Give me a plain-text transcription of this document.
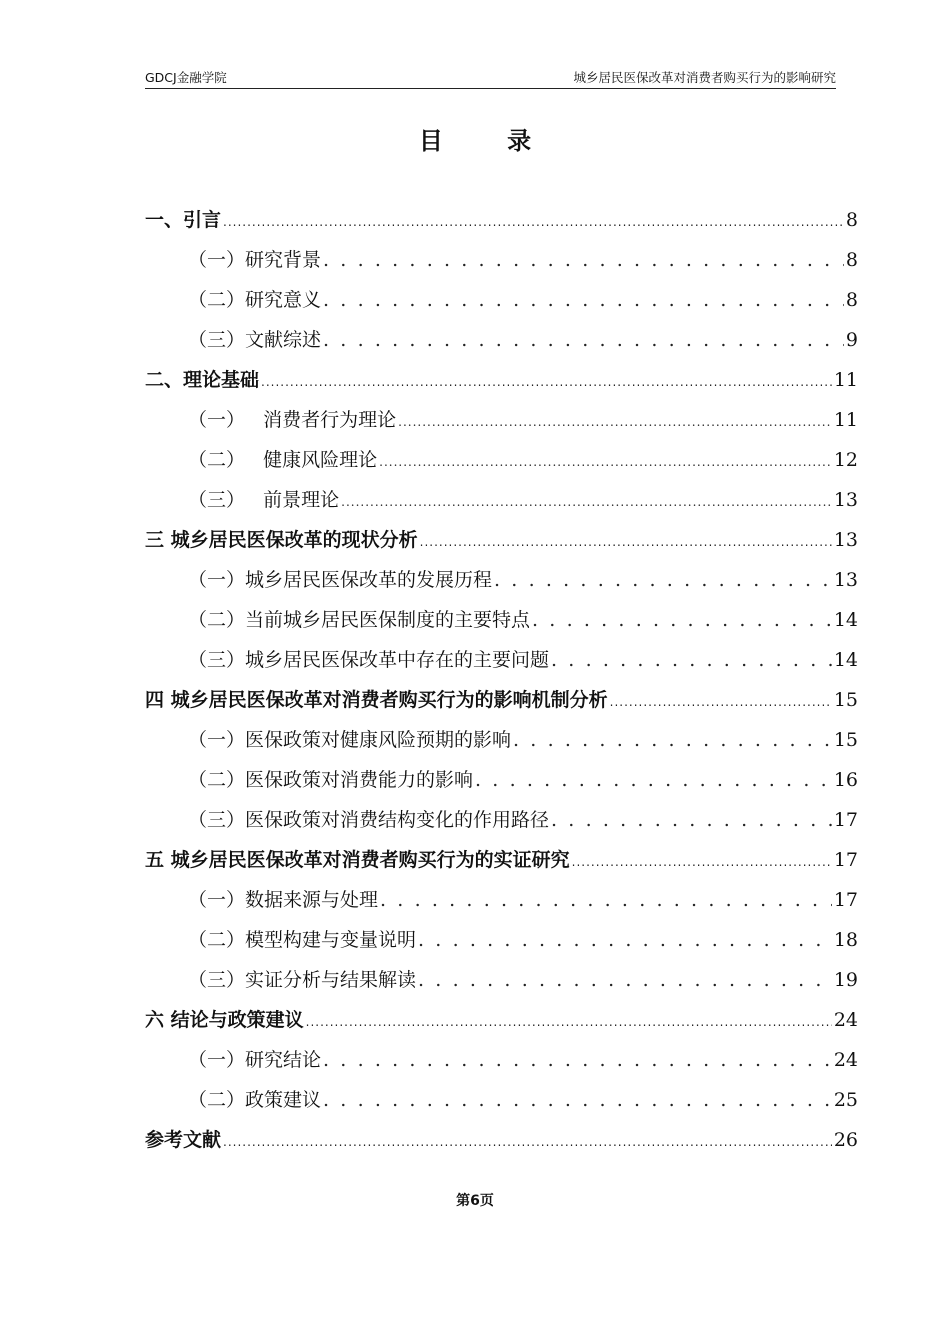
GDCJ金融学院	城乡居民医保改革对消费者购买行为的影响研究
目 录
一、引言 .....	8
（一）研究背景 . . .	8
（二）研究意义 . . .	8
（三）文献综述 . . .	9
二、理论基础 .....	11
（一）   消费者行为理论 .....	11
（二）   健康风险理论 .....	12
（三）   前景理论 .....	13
三 城乡居民医保改革的现状分析 .....	13
（一）城乡居民医保改革的发展历程 . . .	13
（二）当前城乡居民医保制度的主要特点 . . .	14
（三）城乡居民医保改革中存在的主要问题 . . .	14
四 城乡居民医保改革对消费者购买行为的影响机制分析 .....	15
（一）医保政策对健康风险预期的影响 . . .	15
（二）医保政策对消费能力的影响 . . .	16
（三）医保政策对消费结构变化的作用路径 . . .	17
五 城乡居民医保改革对消费者购买行为的实证研究 .....	17
（一）数据来源与处理 . . .	17
（二）模型构建与变量说明 . . .	18
（三）实证分析与结果解读 . . .	19
六 结论与政策建议 .....	24
（一）研究结论 . . .	24
（二）政策建议 . . .	25
参考文献 .....	26
第6页
